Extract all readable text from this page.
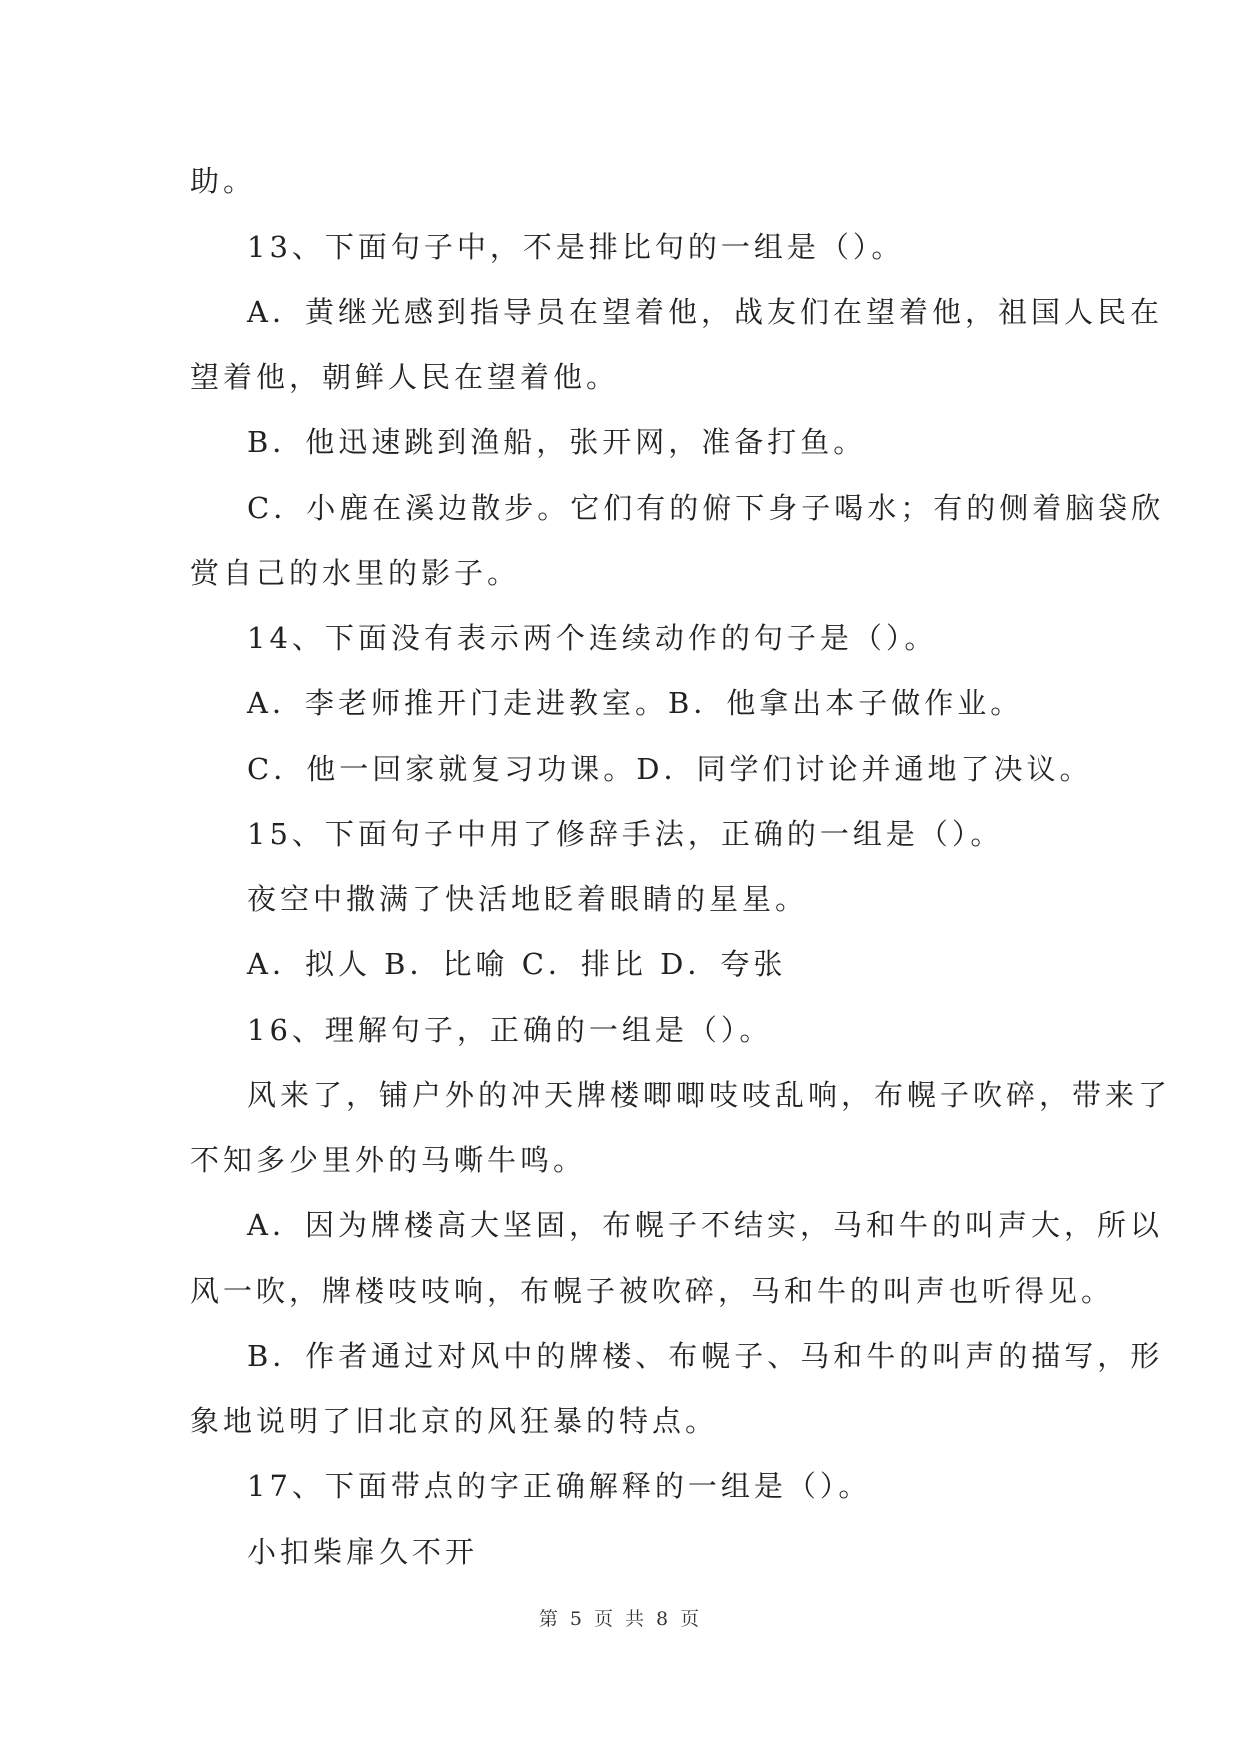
助。
13、下面句子中，不是排比句的一组是（）。
A．黄继光感到指导员在望着他，战友们在望着他，祖国人民在
望着他，朝鲜人民在望着他。
B．他迅速跳到渔船，张开网，准备打鱼。
C．小鹿在溪边散步。它们有的俯下身子喝水；有的侧着脑袋欣
赏自己的水里的影子。
14、下面没有表示两个连续动作的句子是（）。
A．李老师推开门走进教室。B．他拿出本子做作业。
C．他一回家就复习功课。D．同学们讨论并通地了决议。
15、下面句子中用了修辞手法，正确的一组是（）。
夜空中撒满了快活地眨着眼睛的星星。
A．拟人 B．比喻 C．排比 D．夸张
16、理解句子，正确的一组是（）。
风来了，铺户外的冲天牌楼唧唧吱吱乱响，布幌子吹碎，带来了
不知多少里外的马嘶牛鸣。
A．因为牌楼高大坚固，布幌子不结实，马和牛的叫声大，所以
风一吹，牌楼吱吱响，布幌子被吹碎，马和牛的叫声也听得见。
B．作者通过对风中的牌楼、布幌子、马和牛的叫声的描写，形
象地说明了旧北京的风狂暴的特点。
17、下面带点的字正确解释的一组是（）。
小扣柴扉久不开
第 5 页 共 8 页
